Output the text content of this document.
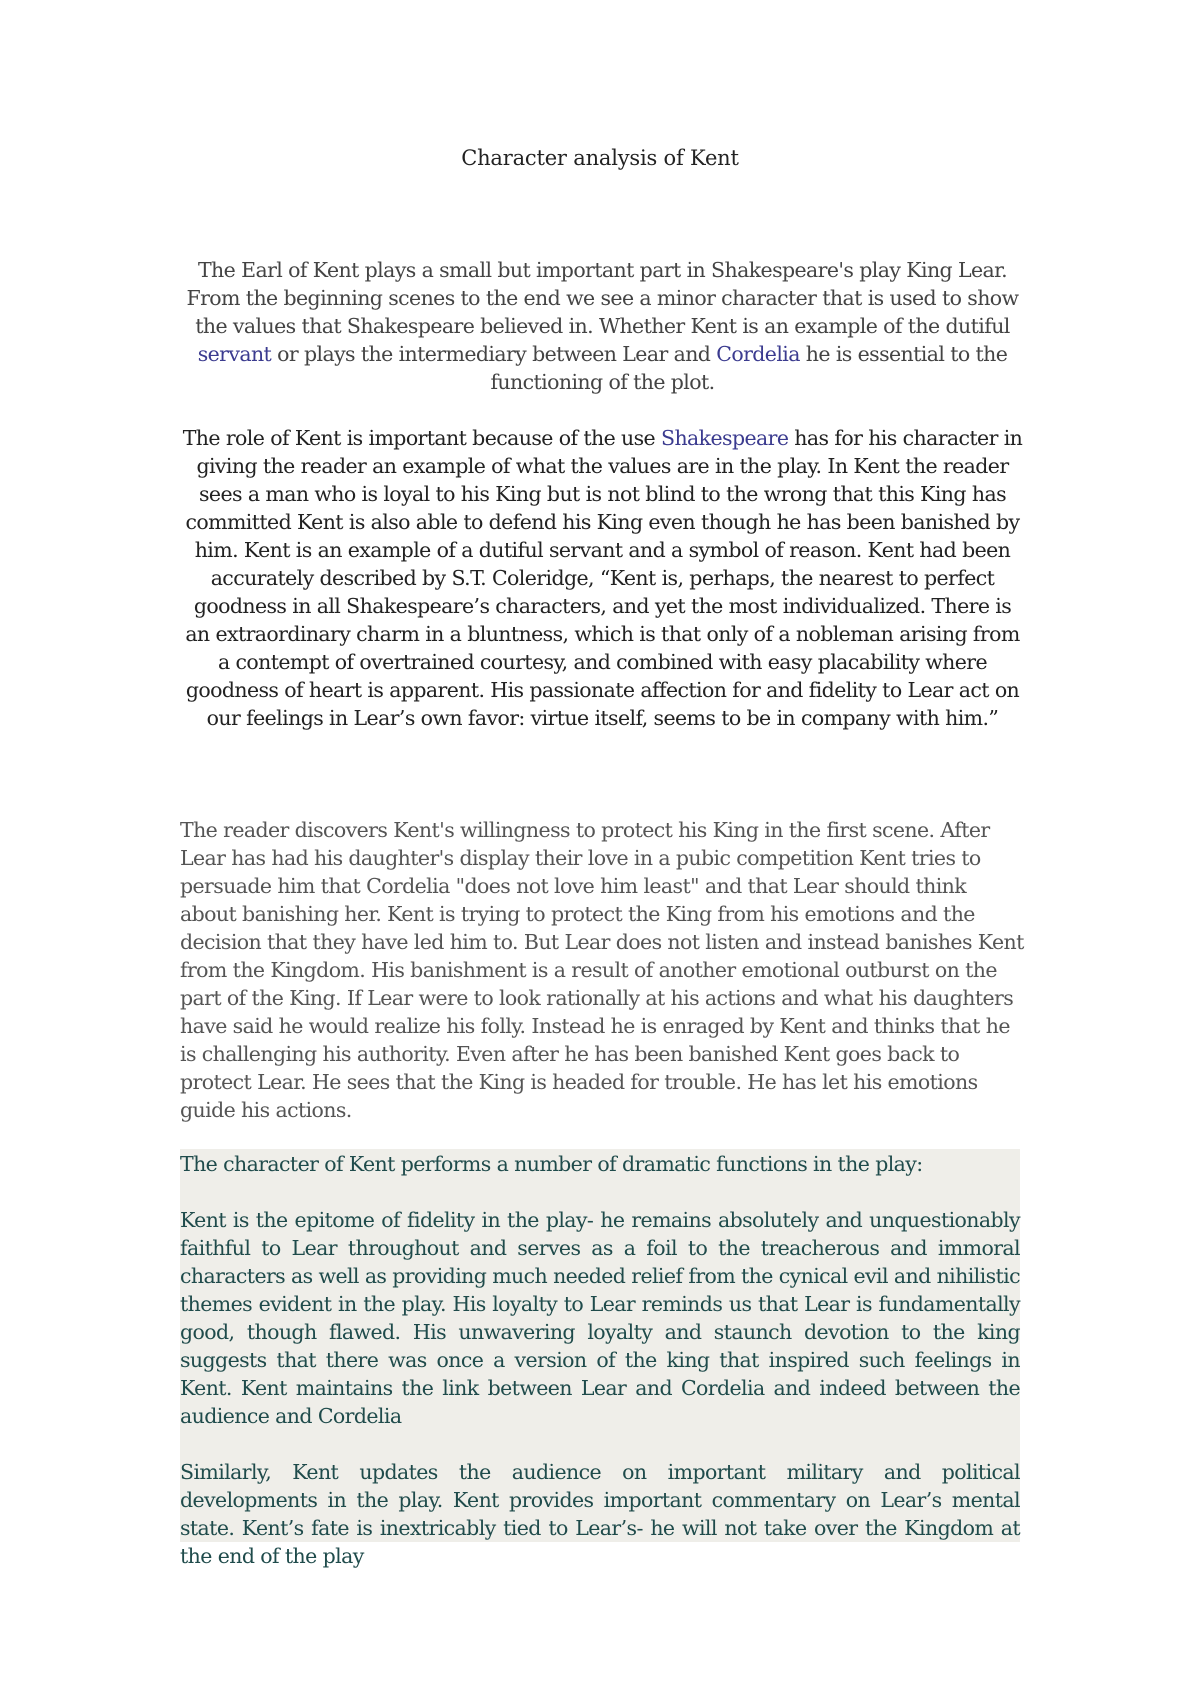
Character analysis of Kent

The Earl of Kent plays a small but important part in Shakespeare's play King Lear. From the beginning scenes to the end we see a minor character that is used to show the values that Shakespeare believed in. Whether Kent is an example of the dutiful servant or plays the intermediary between Lear and Cordelia he is essential to the functioning of the plot.

The role of Kent is important because of the use Shakespeare has for his character in giving the reader an example of what the values are in the play. In Kent the reader sees a man who is loyal to his King but is not blind to the wrong that this King has committed Kent is also able to defend his King even though he has been banished by him. Kent is an example of a dutiful servant and a symbol of reason. Kent had been accurately described by S.T. Coleridge, “Kent is, perhaps, the nearest to perfect goodness in all Shakespeare’s characters, and yet the most individualized. There is an extraordinary charm in a bluntness, which is that only of a nobleman arising from a contempt of overtrained courtesy, and combined with easy placability where goodness of heart is apparent. His passionate affection for and fidelity to Lear act on our feelings in Lear’s own favor: virtue itself, seems to be in company with him.”

The reader discovers Kent's willingness to protect his King in the first scene. After Lear has had his daughter's display their love in a pubic competition Kent tries to persuade him that Cordelia "does not love him least" and that Lear should think about banishing her. Kent is trying to protect the King from his emotions and the decision that they have led him to. But Lear does not listen and instead banishes Kent from the Kingdom. His banishment is a result of another emotional outburst on the part of the King. If Lear were to look rationally at his actions and what his daughters have said he would realize his folly. Instead he is enraged by Kent and thinks that he is challenging his authority. Even after he has been banished Kent goes back to protect Lear. He sees that the King is headed for trouble. He has let his emotions guide his actions.

The character of Kent performs a number of dramatic functions in the play:

Kent is the epitome of fidelity in the play- he remains absolutely and unquestionably faithful to Lear throughout and serves as a foil to the treacherous and immoral characters as well as providing much needed relief from the cynical evil and nihilistic themes evident in the play. His loyalty to Lear reminds us that Lear is fundamentally good, though flawed. His unwavering loyalty and staunch devotion to the king suggests that there was once a version of the king that inspired such feelings in Kent. Kent maintains the link between Lear and Cordelia and indeed between the audience and Cordelia

Similarly, Kent updates the audience on important military and political developments in the play. Kent provides important commentary on Lear’s mental state. Kent’s fate is inextricably tied to Lear’s- he will not take over the Kingdom at the end of the play
